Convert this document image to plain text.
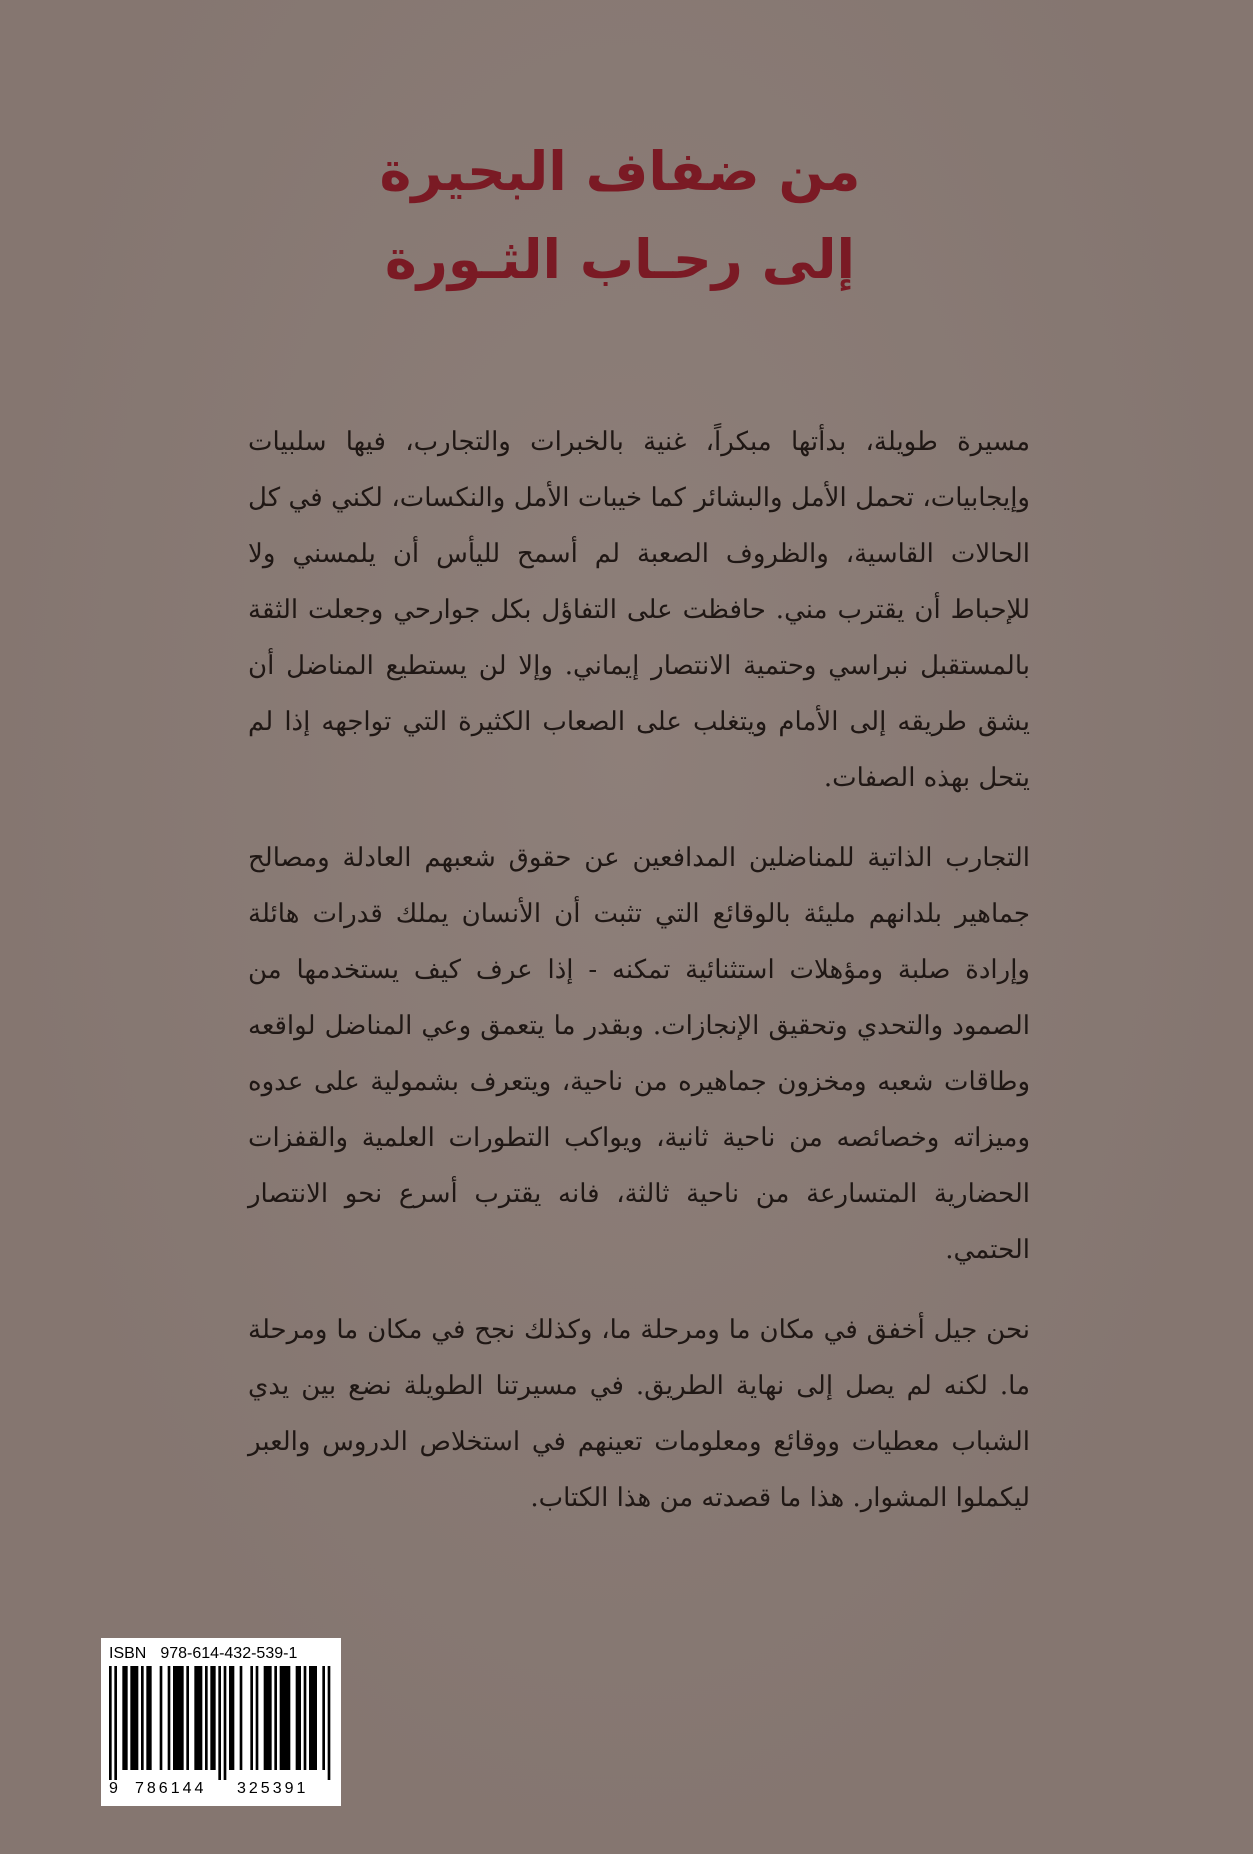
من ضفاف البحيرة
إلى رحـاب الثـورة

مسيرة طويلة، بدأتها مبكراً، غنية بالخبرات والتجارب، فيها سلبيات وإيجابيات، تحمل الأمل والبشائر كما خيبات الأمل والنكسات، لكني في كل الحالات القاسية، والظروف الصعبة لم أسمح لليأس أن يلمسني ولا للإحباط أن يقترب مني. حافظت على التفاؤل بكل جوارحي وجعلت الثقة بالمستقبل نبراسي وحتمية الانتصار إيماني. وإلا لن يستطيع المناضل أن يشق طريقه إلى الأمام ويتغلب على الصعاب الكثيرة التي تواجهه إذا لم يتحل بهذه الصفات.

التجارب الذاتية للمناضلين المدافعين عن حقوق شعبهم العادلة ومصالح جماهير بلدانهم مليئة بالوقائع التي تثبت أن الأنسان يملك قدرات هائلة وإرادة صلبة ومؤهلات استثنائية تمكنه - إذا عرف كيف يستخدمها من الصمود والتحدي وتحقيق الإنجازات. وبقدر ما يتعمق وعي المناضل لواقعه وطاقات شعبه ومخزون جماهيره من ناحية، ويتعرف بشمولية على عدوه وميزاته وخصائصه من ناحية ثانية، ويواكب التطورات العلمية والقفزات الحضارية المتسارعة من ناحية ثالثة، فانه يقترب أسرع نحو الانتصار الحتمي.

نحن جيل أخفق في مكان ما ومرحلة ما، وكذلك نجح في مكان ما ومرحلة ما. لكنه لم يصل إلى نهاية الطريق. في مسيرتنا الطويلة نضع بين يدي الشباب معطيات ووقائع ومعلومات تعينهم في استخلاص الدروس والعبر ليكملوا المشوار. هذا ما قصدته من هذا الكتاب.

ISBN 978-614-432-539-1
9 786144 325391
